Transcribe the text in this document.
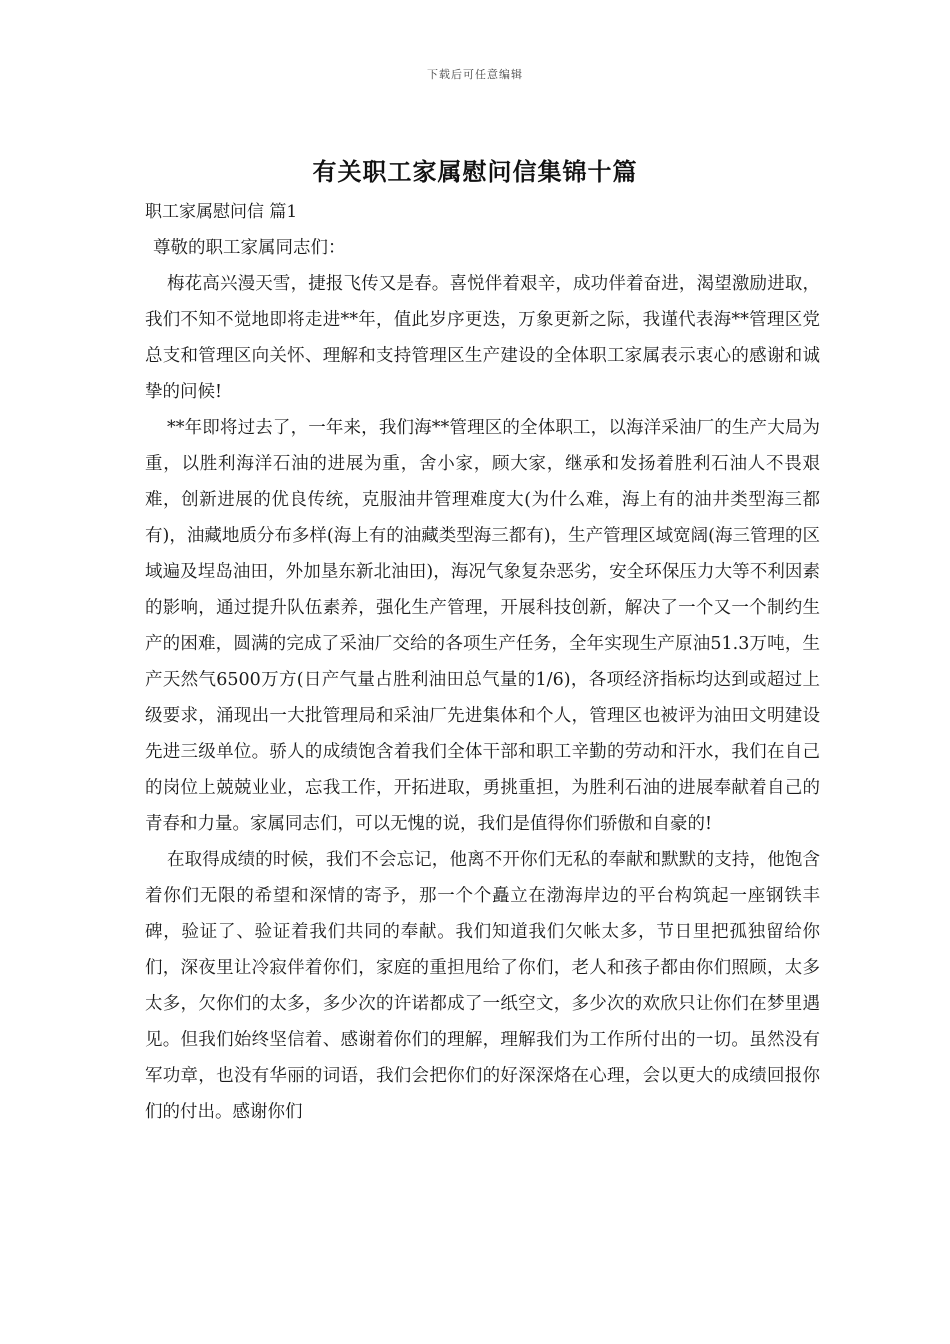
下载后可任意编辑
有关职工家属慰问信集锦十篇

职工家属慰问信 篇1

尊敬的职工家属同志们：

梅花高兴漫天雪，捷报飞传又是春。喜悦伴着艰辛，成功伴着奋进，渴望激励进取，我们不知不觉地即将走进**年，值此岁序更迭，万象更新之际，我谨代表海**管理区党总支和管理区向关怀、理解和支持管理区生产建设的全体职工家属表示衷心的感谢和诚挚的问候!

**年即将过去了，一年来，我们海**管理区的全体职工，以海洋采油厂的生产大局为重，以胜利海洋石油的进展为重，舍小家，顾大家，继承和发扬着胜利石油人不畏艰难，创新进展的优良传统，克服油井管理难度大(为什么难，海上有的油井类型海三都有)，油藏地质分布多样(海上有的油藏类型海三都有)，生产管理区域宽阔(海三管理的区域遍及埕岛油田，外加垦东新北油田)，海况气象复杂恶劣，安全环保压力大等不利因素的影响，通过提升队伍素养，强化生产管理，开展科技创新，解决了一个又一个制约生产的困难，圆满的完成了采油厂交给的各项生产任务，全年实现生产原油51.3万吨，生产天然气6500万方(日产气量占胜利油田总气量的1/6)，各项经济指标均达到或超过上级要求，涌现出一大批管理局和采油厂先进集体和个人，管理区也被评为油田文明建设先进三级单位。骄人的成绩饱含着我们全体干部和职工辛勤的劳动和汗水，我们在自己的岗位上兢兢业业，忘我工作，开拓进取，勇挑重担，为胜利石油的进展奉献着自己的青春和力量。家属同志们，可以无愧的说，我们是值得你们骄傲和自豪的!

在取得成绩的时候，我们不会忘记，他离不开你们无私的奉献和默默的支持，他饱含着你们无限的希望和深情的寄予，那一个个矗立在渤海岸边的平台构筑起一座钢铁丰碑，验证了、验证着我们共同的奉献。我们知道我们欠帐太多，节日里把孤独留给你们，深夜里让冷寂伴着你们，家庭的重担甩给了你们，老人和孩子都由你们照顾，太多太多，欠你们的太多，多少次的许诺都成了一纸空文，多少次的欢欣只让你们在梦里遇见。但我们始终坚信着、感谢着你们的理解，理解我们为工作所付出的一切。虽然没有军功章，也没有华丽的词语，我们会把你们的好深深烙在心理，会以更大的成绩回报你们的付出。感谢你们
